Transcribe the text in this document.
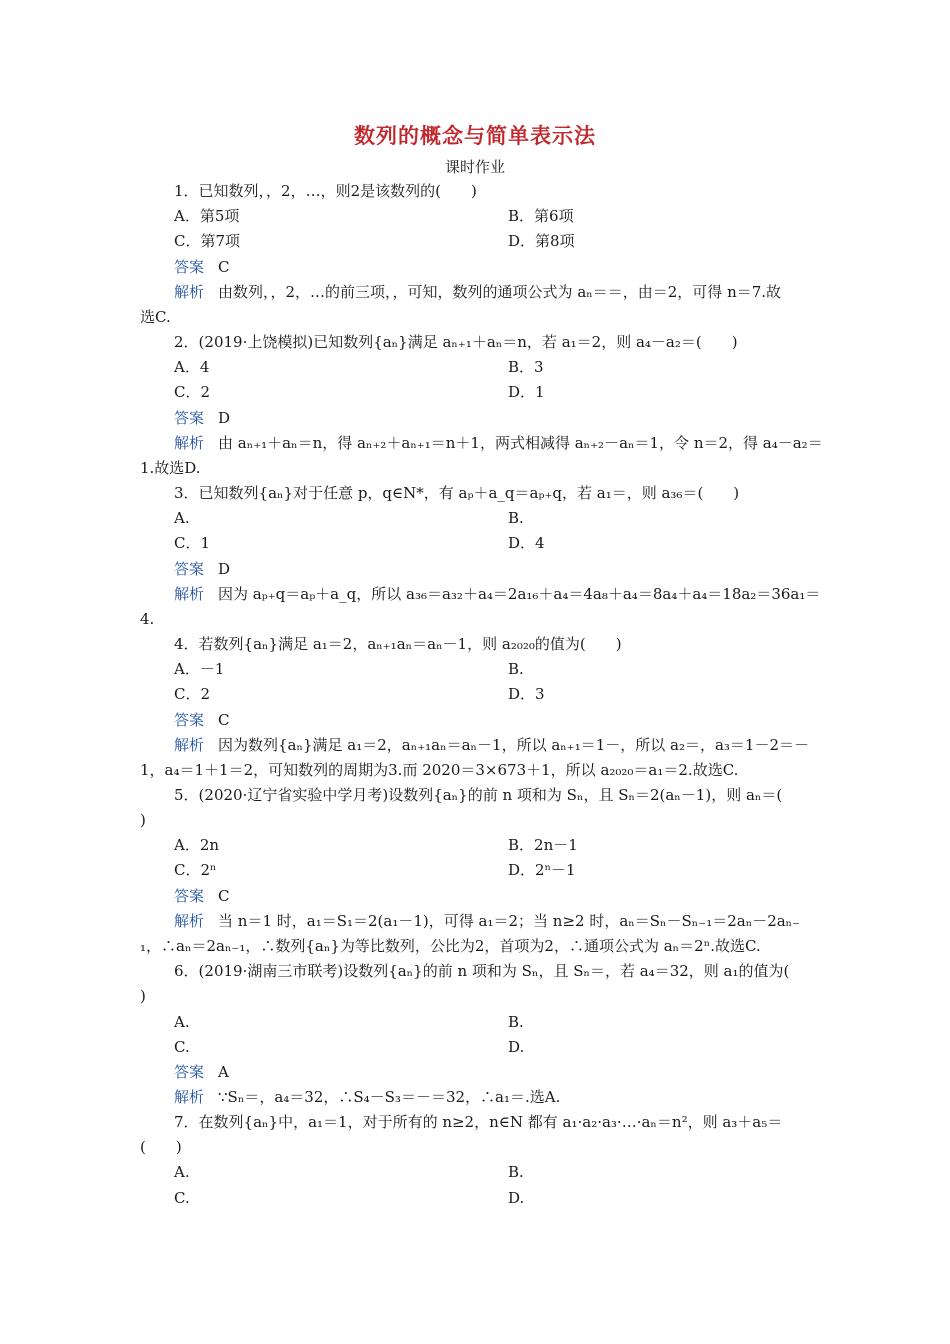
数列的概念与简单表示法
课时作业
1．已知数列，，2，…，则2是该数列的(　　)
A．第5项	B．第6项
C．第7项	D．第8项
答案 C
解析 由数列，，2，…的前三项，，可知，数列的通项公式为 aₙ＝＝，由＝2，可得 n＝7.故
选C.
2．(2019·上饶模拟)已知数列{aₙ}满足 aₙ₊₁＋aₙ＝n，若 a₁＝2，则 a₄－a₂＝(　　)
A．4	B．3
C．2	D．1
答案 D
解析 由 aₙ₊₁＋aₙ＝n，得 aₙ₊₂＋aₙ₊₁＝n＋1，两式相减得 aₙ₊₂－aₙ＝1，令 n＝2，得 a₄－a₂＝
1.故选D.
3．已知数列{aₙ}对于任意 p，q∈N*，有 aₚ＋a_q＝aₚ₊q，若 a₁＝，则 a₃₆＝(　　)
A.	B.
C．1	D．4
答案 D
解析 因为 aₚ₊q＝aₚ＋a_q，所以 a₃₆＝a₃₂＋a₄＝2a₁₆＋a₄＝4a₈＋a₄＝8a₄＋a₄＝18a₂＝36a₁＝
4.
4．若数列{aₙ}满足 a₁＝2，aₙ₊₁aₙ＝aₙ－1，则 a₂₀₂₀的值为(　　)
A．－1	B.
C．2	D．3
答案 C
解析 因为数列{aₙ}满足 a₁＝2，aₙ₊₁aₙ＝aₙ－1，所以 aₙ₊₁＝1－，所以 a₂＝，a₃＝1－2＝－
1，a₄＝1＋1＝2，可知数列的周期为3.而 2020＝3×673＋1，所以 a₂₀₂₀＝a₁＝2.故选C.
5．(2020·辽宁省实验中学月考)设数列{aₙ}的前 n 项和为 Sₙ，且 Sₙ＝2(aₙ－1)，则 aₙ＝(
)
A．2n	B．2n－1
C．2ⁿ	D．2ⁿ－1
答案 C
解析 当 n＝1 时，a₁＝S₁＝2(a₁－1)，可得 a₁＝2；当 n≥2 时，aₙ＝Sₙ－Sₙ₋₁＝2aₙ－2aₙ₋
₁，∴aₙ＝2aₙ₋₁，∴数列{aₙ}为等比数列，公比为2，首项为2，∴通项公式为 aₙ＝2ⁿ.故选C.
6．(2019·湖南三市联考)设数列{aₙ}的前 n 项和为 Sₙ，且 Sₙ＝，若 a₄＝32，则 a₁的值为(
)
A.	B.
C.	D.
答案 A
解析 ∵Sₙ＝，a₄＝32，∴S₄－S₃＝－＝32，∴a₁＝.选A.
7．在数列{aₙ}中，a₁＝1，对于所有的 n≥2，n∈N 都有 a₁·a₂·a₃·…·aₙ＝n²，则 a₃＋a₅＝
(　　)
A.	B.
C.	D.
